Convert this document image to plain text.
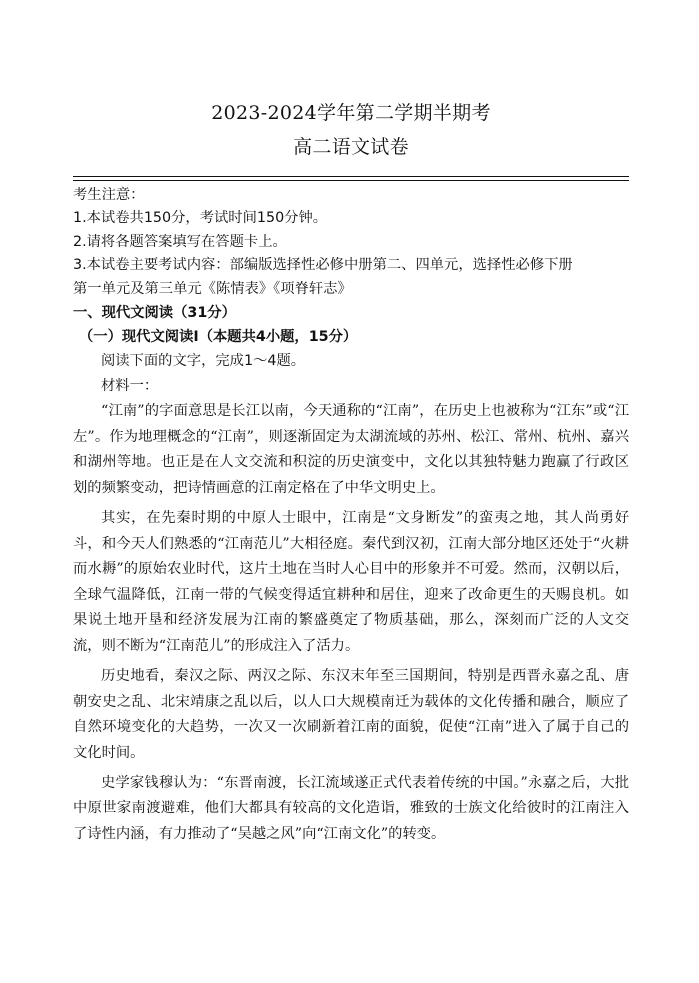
2023-2024学年第二学期半期考
高二语文试卷
考生注意：
1.本试卷共150分，考试时间150分钟。
2.请将各题答案填写在答题卡上。
3.本试卷主要考试内容：部编版选择性必修中册第二、四单元，选择性必修下册
第一单元及第三单元《陈情表》《项脊轩志》
一、现代文阅读（31分）
（一）现代文阅读Ⅰ（本题共4小题，15分）
阅读下面的文字，完成1～4题。
材料一：

“江南”的字面意思是长江以南，今天通称的“江南”，在历史上也被称为“江东”或“江左”。作为地理概念的“江南”，则逐渐固定为太湖流域的苏州、松江、常州、杭州、嘉兴和湖州等地。也正是在人文交流和积淀的历史演变中，文化以其独特魅力跑赢了行政区划的频繁变动，把诗情画意的江南定格在了中华文明史上。

其实，在先秦时期的中原人士眼中，江南是“文身断发”的蛮夷之地，其人尚勇好斗，和今天人们熟悉的“江南范儿”大相径庭。秦代到汉初，江南大部分地区还处于“火耕而水耨”的原始农业时代，这片土地在当时人心目中的形象并不可爱。然而，汉朝以后，全球气温降低，江南一带的气候变得适宜耕种和居住，迎来了改命更生的天赐良机。如果说土地开垦和经济发展为江南的繁盛奠定了物质基础，那么，深刻而广泛的人文交流，则不断为“江南范儿”的形成注入了活力。

历史地看，秦汉之际、两汉之际、东汉末年至三国期间，特别是西晋永嘉之乱、唐朝安史之乱、北宋靖康之乱以后，以人口大规模南迁为载体的文化传播和融合，顺应了自然环境变化的大趋势，一次又一次刷新着江南的面貌，促使“江南”进入了属于自己的文化时间。

史学家钱穆认为：“东晋南渡，长江流域遂正式代表着传统的中国。”永嘉之后，大批中原世家南渡避难，他们大都具有较高的文化造诣，雅致的士族文化给彼时的江南注入了诗性内涵，有力推动了“吴越之风”向“江南文化”的转变。
